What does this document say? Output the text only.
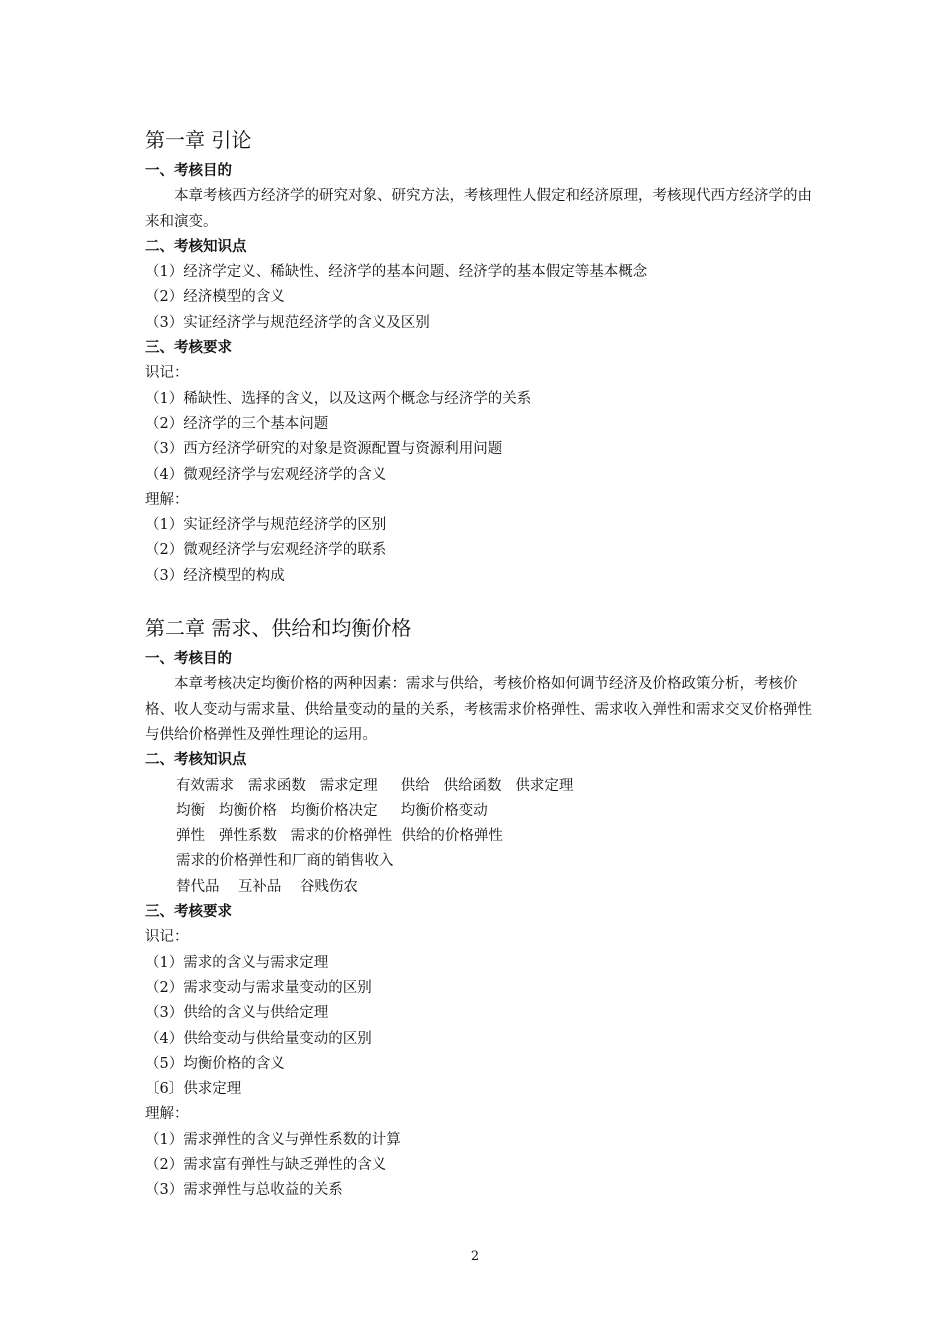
第一章 引论

一、考核目的

本章考核西方经济学的研究对象、研究方法，考核理性人假定和经济原理，考核现代西方经济学的由来和演变。

二、考核知识点

（1）经济学定义、稀缺性、经济学的基本问题、经济学的基本假定等基本概念

（2）经济模型的含义

（3）实证经济学与规范经济学的含义及区别

三、考核要求

识记：

（1）稀缺性、选择的含义，以及这两个概念与经济学的关系

（2）经济学的三个基本问题

（3）西方经济学研究的对象是资源配置与资源利用问题

（4）微观经济学与宏观经济学的含义

理解：

（1）实证经济学与规范经济学的区别

（2）微观经济学与宏观经济学的联系

（3）经济模型的构成

第二章 需求、供给和均衡价格

一、考核目的

本章考核决定均衡价格的两种因素：需求与供给，考核价格如何调节经济及价格政策分析，考核价格、收人变动与需求量、供给量变动的量的关系，考核需求价格弹性、需求收入弹性和需求交叉价格弹性与供给价格弹性及弹性理论的运用。

二、考核知识点

有效需求   需求函数   需求定理     供给   供给函数   供求定理

均衡   均衡价格   均衡价格决定     均衡价格变动

弹性   弹性系数   需求的价格弹性  供给的价格弹性

需求的价格弹性和厂商的销售收入

替代品    互补品    谷贱伤农

三、考核要求

识记：

（1）需求的含义与需求定理

（2）需求变动与需求量变动的区别

（3）供给的含义与供给定理

（4）供给变动与供给量变动的区别

（5）均衡价格的含义

〔6〕供求定理

理解：

（1）需求弹性的含义与弹性系数的计算

（2）需求富有弹性与缺乏弹性的含义

（3）需求弹性与总收益的关系

2
